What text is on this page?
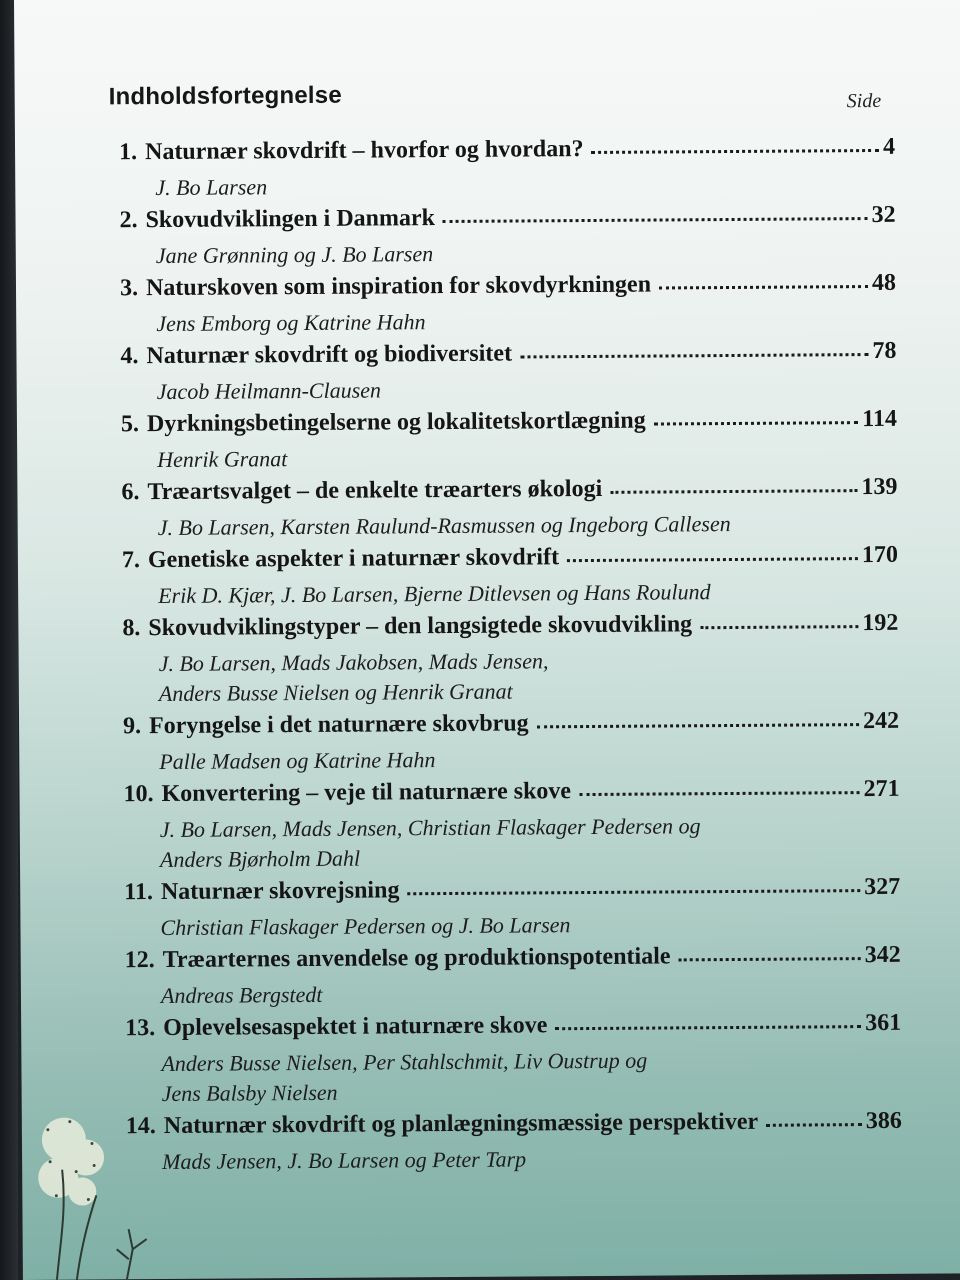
Indholdsfortegnelse	Side
1. Naturnær skovdrift – hvorfor og hvordan?	4
J. Bo Larsen
2. Skovudviklingen i Danmark	32
Jane Grønning og J. Bo Larsen
3. Naturskoven som inspiration for skovdyrkningen	48
Jens Emborg og Katrine Hahn
4. Naturnær skovdrift og biodiversitet	78
Jacob Heilmann-Clausen
5. Dyrkningsbetingelserne og lokalitetskortlægning	114
Henrik Granat
6. Træartsvalget – de enkelte træarters økologi	139
J. Bo Larsen, Karsten Raulund-Rasmussen og Ingeborg Callesen
7. Genetiske aspekter i naturnær skovdrift	170
Erik D. Kjær, J. Bo Larsen, Bjerne Ditlevsen og Hans Roulund
8. Skovudviklingstyper – den langsigtede skovudvikling	192
J. Bo Larsen, Mads Jakobsen, Mads Jensen,
Anders Busse Nielsen og Henrik Granat
9. Foryngelse i det naturnære skovbrug	242
Palle Madsen og Katrine Hahn
10. Konvertering – veje til naturnære skove	271
J. Bo Larsen, Mads Jensen, Christian Flaskager Pedersen og
Anders Bjørholm Dahl
11. Naturnær skovrejsning	327
Christian Flaskager Pedersen og J. Bo Larsen
12. Træarternes anvendelse og produktionspotentiale	342
Andreas Bergstedt
13. Oplevelsesaspektet i naturnære skove	361
Anders Busse Nielsen, Per Stahlschmit, Liv Oustrup og
Jens Balsby Nielsen
14. Naturnær skovdrift og planlægningsmæssige perspektiver	386
Mads Jensen, J. Bo Larsen og Peter Tarp
